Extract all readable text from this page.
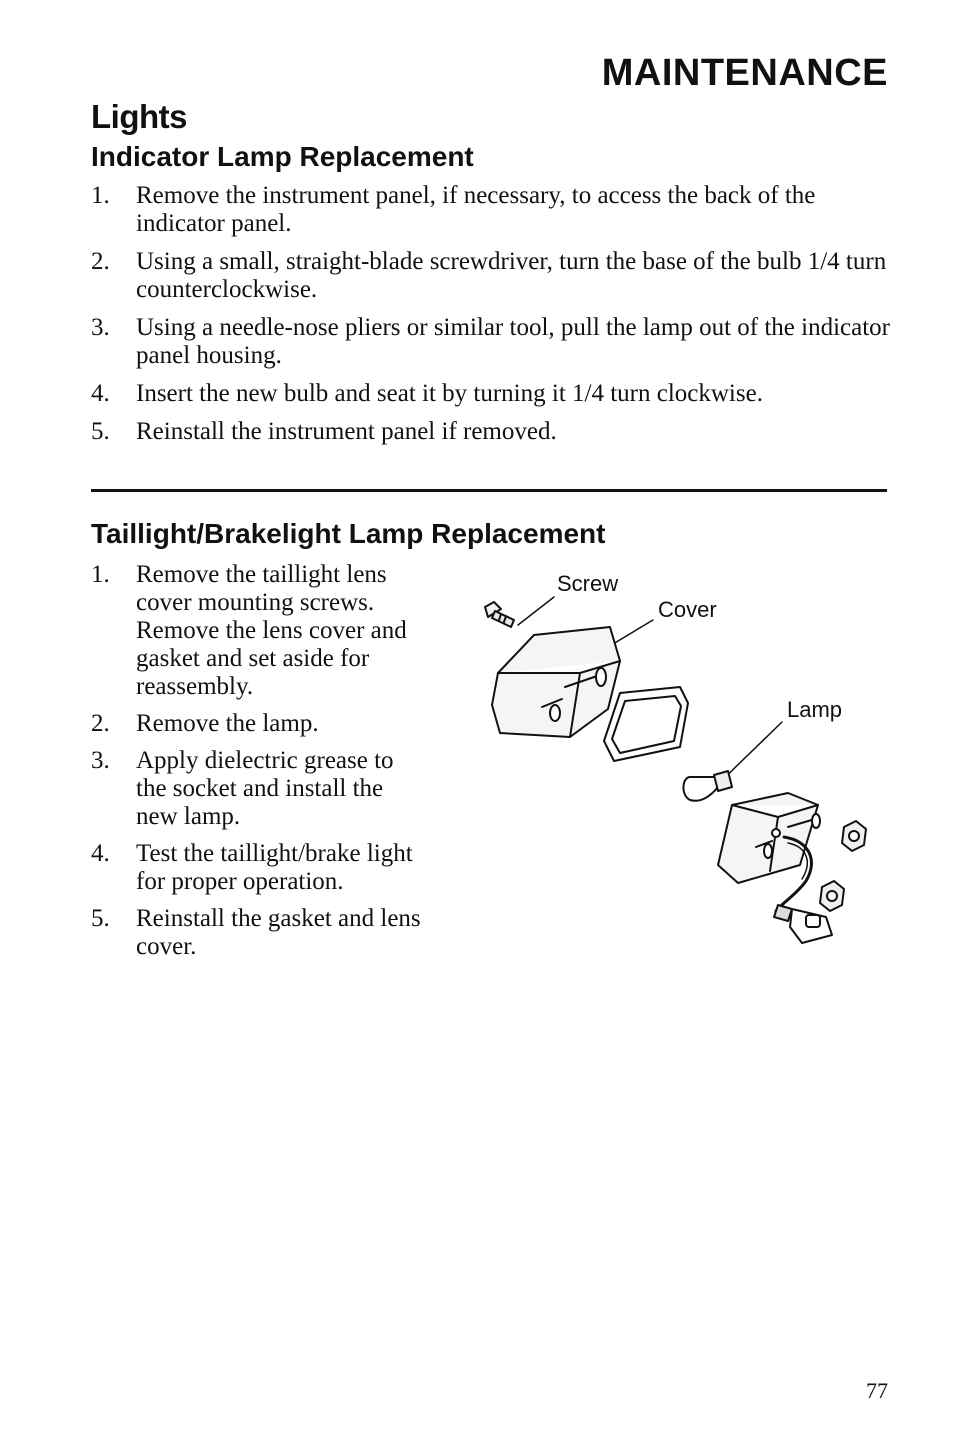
MAINTENANCE
Lights
Indicator Lamp Replacement
1. Remove the instrument panel, if necessary, to access the back of the indicator panel.
2. Using a small, straight-blade screwdriver, turn the base of the bulb 1/4 turn counterclockwise.
3. Using a needle-nose pliers or similar tool, pull the lamp out of the indicator panel housing.
4. Insert the new bulb and seat it by turning it 1/4 turn clockwise.
5. Reinstall the instrument panel if removed.
Taillight/Brakelight Lamp Replacement
1. Remove the taillight lens cover mounting screws. Remove the lens cover and gasket and set aside for reassembly.
2. Remove the lamp.
3. Apply dielectric grease to the socket and install the new lamp.
4. Test the taillight/brake light for proper operation.
5. Reinstall the gasket and lens cover.
Screw
Cover
Lamp
77
